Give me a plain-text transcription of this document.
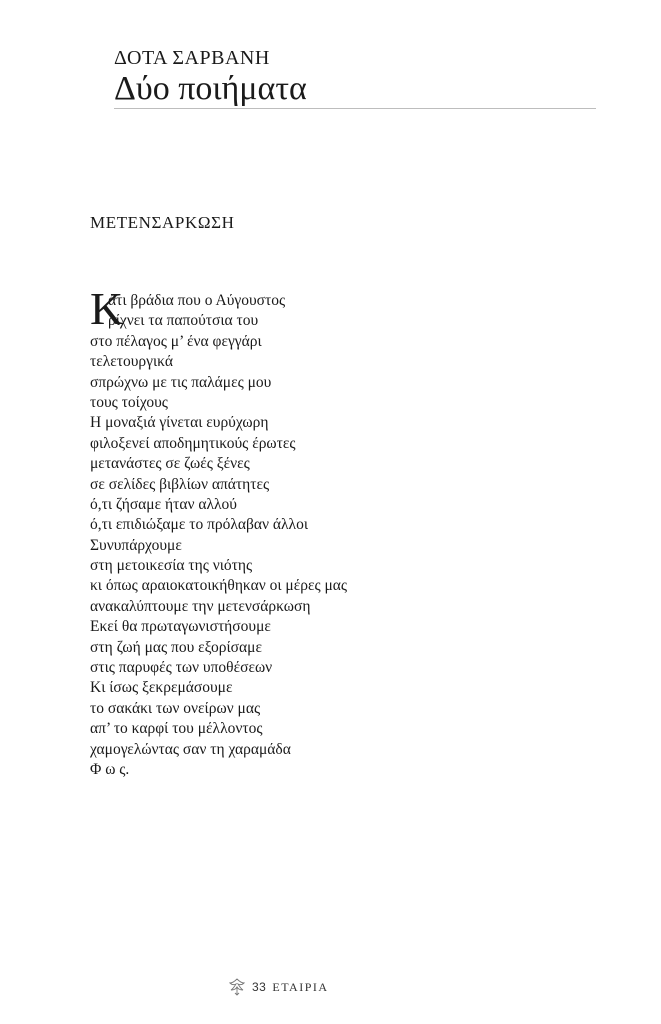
ΔΟΤΑ ΣΑΡΒΑΝΗ
Δύο ποιήματα
ΜΕΤΕΝΣΑΡΚΩΣΗ
Κ
άτι βράδια που ο Αύγουστος
ρίχνει τα παπούτσια του
στο πέλαγος μ’ ένα φεγγάρι
τελετουργικά
σπρώχνω με τις παλάμες μου
τους τοίχους
Η μοναξιά γίνεται ευρύχωρη
φιλοξενεί αποδημητικούς έρωτες
μετανάστες σε ζωές ξένες
σε σελίδες βιβλίων απάτητες
ό,τι ζήσαμε ήταν αλλού
ό,τι επιδιώξαμε το πρόλαβαν άλλοι
Συνυπάρχουμε
στη μετοικεσία της νιότης
κι όπως αραιοκατοικήθηκαν οι μέρες μας
ανακαλύπτουμε την μετενσάρκωση
Εκεί θα πρωταγωνιστήσουμε
στη ζωή μας που εξορίσαμε
στις παρυφές των υποθέσεων
Κι ίσως ξεκρεμάσουμε
το σακάκι των ονείρων μας
απ’ το καρφί του μέλλοντος
χαμογελώντας σαν τη χαραμάδα
Φ ω ς.
33 ΕΤΑΙΡΙΑ
